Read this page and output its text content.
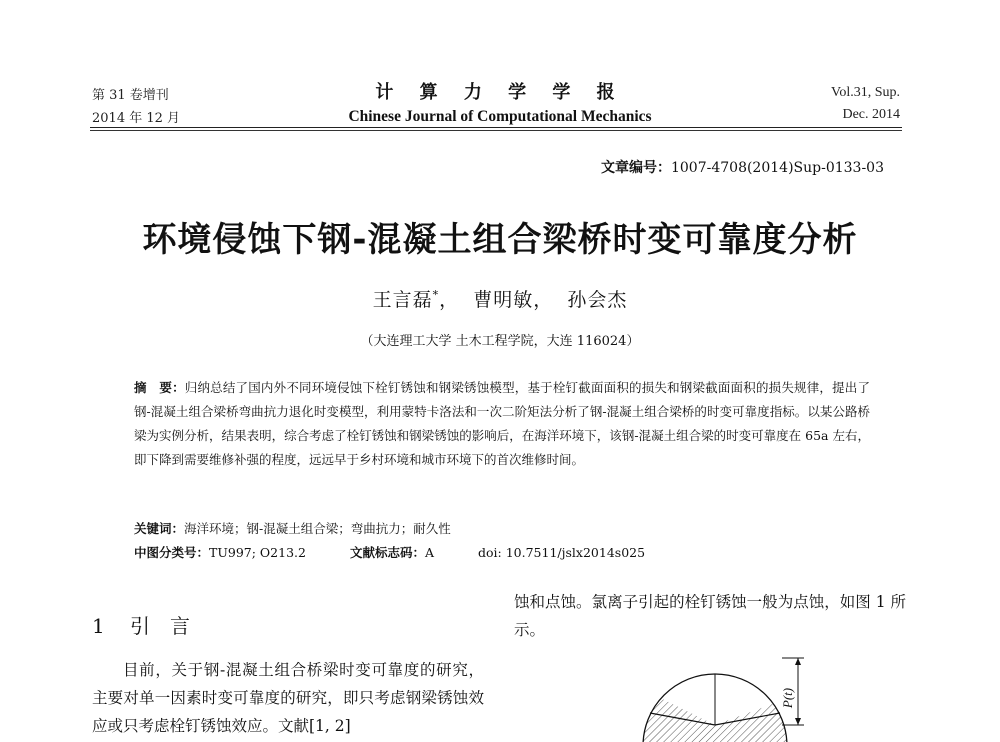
第 31 卷增刊
2014 年 12 月
计 算 力 学 学 报
Chinese Journal of Computational Mechanics
Vol.31, Sup.
Dec. 2014
文章编号：1007-4708(2014)Sup-0133-03
环境侵蚀下钢-混凝土组合梁桥时变可靠度分析
王言磊*， 曹明敏， 孙会杰
（大连理工大学 土木工程学院，大连 116024）
摘　要：归纳总结了国内外不同环境侵蚀下栓钉锈蚀和钢梁锈蚀模型，基于栓钉截面面积的损失和钢梁截面面积的损失规律，提出了钢-混凝土组合梁桥弯曲抗力退化时变模型，利用蒙特卡洛法和一次二阶矩法分析了钢-混凝土组合梁桥的时变可靠度指标。以某公路桥梁为实例分析，结果表明，综合考虑了栓钉锈蚀和钢梁锈蚀的影响后，在海洋环境下，该钢-混凝土组合梁的时变可靠度在 65a 左右，即下降到需要维修补强的程度，远远早于乡村环境和城市环境下的首次维修时间。
关键词：海洋环境；钢-混凝土组合梁；弯曲抗力；耐久性
中图分类号：TU997; O213.2	文献标志码：A	doi: 10.7511/jslx2014s025
1 引　言

目前，关于钢-混凝土组合桥梁时变可靠度的研究，主要对单一因素时变可靠度的研究，即只考虑钢梁锈蚀效应或只考虑栓钉锈蚀效应。文献[1, 2]

蚀和点蚀。氯离子引起的栓钉锈蚀一般为点蚀，如图 1 所示。
P(t)
